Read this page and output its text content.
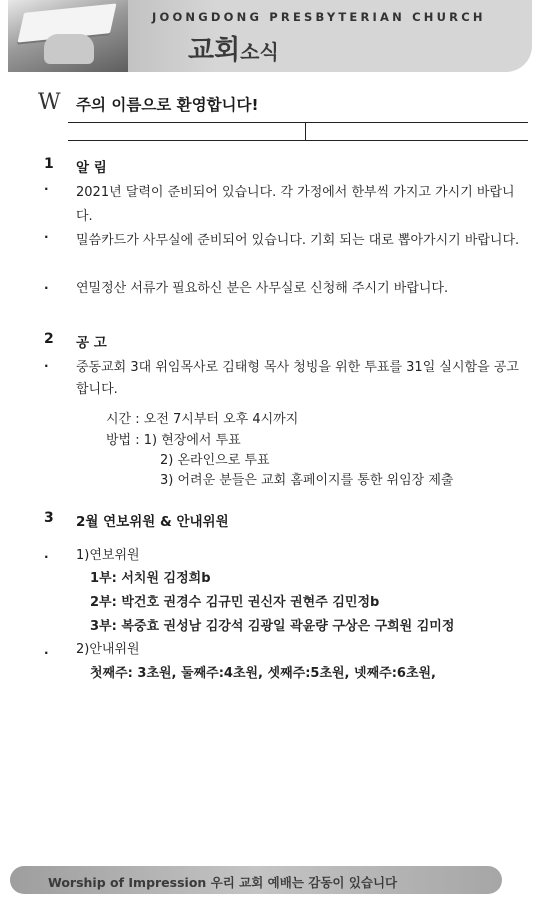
JOONGDONG PRESBYTERIAN CHURCH
교회소식
W 주의 이름으로 환영합니다!
1 알 림
· 2021년 달력이 준비되어 있습니다. 각 가정에서 한부씩 가지고 가시기 바랍니다.
· 밀씀카드가 사무실에 준비되어 있습니다. 기회 되는 대로 뽑아가시기 바랍니다.
. 연밀정산 서류가 필요하신 분은 사무실로 신청해 주시기 바랍니다.
2 공 고
· 중동교회 3대 위임목사로 김태형 목사 청빙을 위한 투표를 31일 실시함을 공고합니다.
시간 : 오전 7시부터 오후 4시까지
방법 : 1) 현장에서 투표
2) 온라인으로 투표
3) 어려운 분들은 교회 홈페이지를 통한 위임장 제출
3 2월 연보위원 & 안내위원
. 1)연보위원
1부: 서치원 김정희b
2부: 박건호 권경수 김규민 권신자 권현주 김민정b
3부: 복중효 권성남 김강석 김광일 곽윤량 구상은 구희원 김미정
. 2)안내위원
첫째주: 3초원, 둘째주:4초원, 셋째주:5초원, 넷째주:6초원,
Worship of Impression 우리 교회 예배는 감동이 있습니다
